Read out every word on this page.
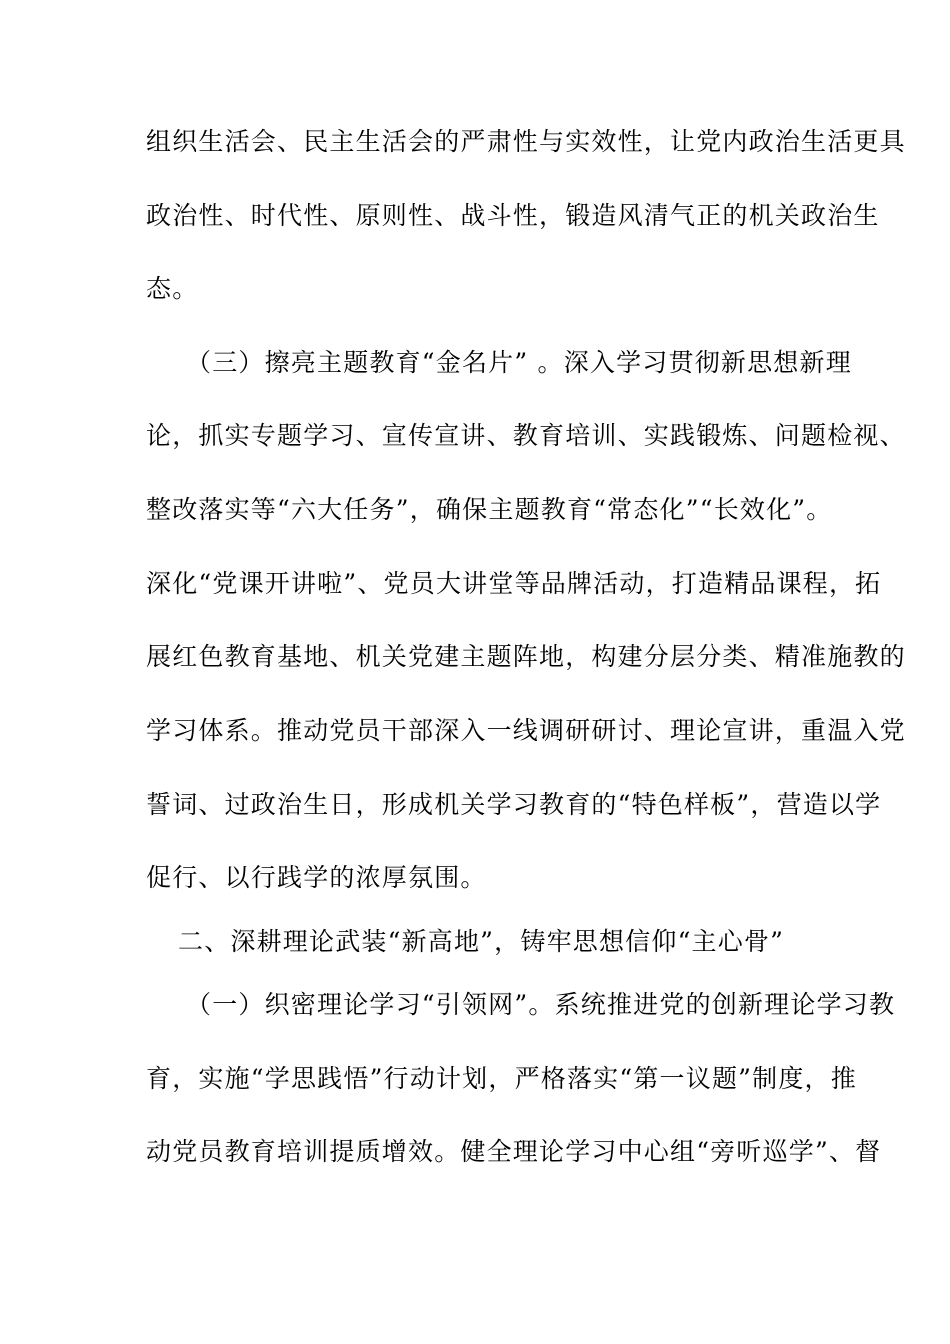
组织生活会、民主生活会的严肃性与实效性，让党内政治生活更具
政治性、时代性、原则性、战斗性，锻造风清气正的机关政治生
态。
（三）擦亮主题教育“金名片” 。深入学习贯彻新思想新理
论，抓实专题学习、宣传宣讲、教育培训、实践锻炼、问题检视、
整改落实等“六大任务”，确保主题教育“常态化”“长效化”。
深化“党课开讲啦”、党员大讲堂等品牌活动，打造精品课程，拓
展红色教育基地、机关党建主题阵地，构建分层分类、精准施教的
学习体系。推动党员干部深入一线调研研讨、理论宣讲，重温入党
誓词、过政治生日，形成机关学习教育的“特色样板”，营造以学
促行、以行践学的浓厚氛围。
二、深耕理论武装“新高地”，铸牢思想信仰“主心骨”
（一）织密理论学习“引领网”。系统推进党的创新理论学习教
育，实施“学思践悟”行动计划，严格落实“第一议题”制度，推
动党员教育培训提质增效。健全理论学习中心组“旁听巡学”、督
